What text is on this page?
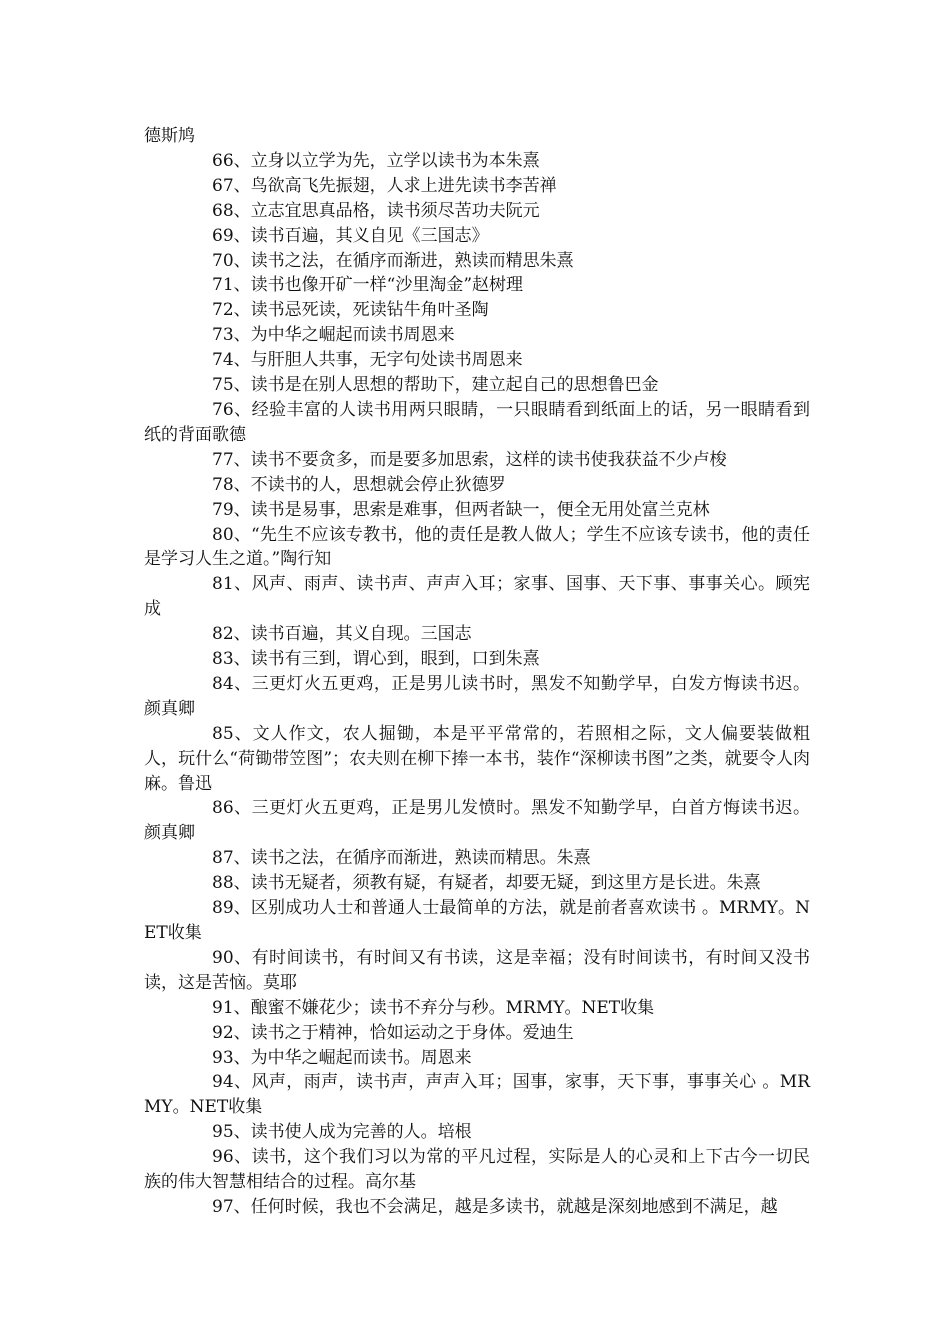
德斯鸠

66、立身以立学为先，立学以读书为本朱熹

67、鸟欲高飞先振翅，人求上进先读书李苦禅

68、立志宜思真品格，读书须尽苦功夫阮元

69、读书百遍，其义自见《三国志》

70、读书之法，在循序而渐进，熟读而精思朱熹

71、读书也像开矿一样“沙里淘金”赵树理

72、读书忌死读，死读钻牛角叶圣陶

73、为中华之崛起而读书周恩来

74、与肝胆人共事，无字句处读书周恩来

75、读书是在别人思想的帮助下，建立起自己的思想鲁巴金

76、经验丰富的人读书用两只眼睛，一只眼睛看到纸面上的话，另一眼睛看到纸的背面歌德

77、读书不要贪多，而是要多加思索，这样的读书使我获益不少卢梭

78、不读书的人，思想就会停止狄德罗

79、读书是易事，思索是难事，但两者缺一，便全无用处富兰克林

80、“先生不应该专教书，他的责任是教人做人；学生不应该专读书，他的责任是学习人生之道。”陶行知

81、风声、雨声、读书声、声声入耳；家事、国事、天下事、事事关心。顾宪成

82、读书百遍，其义自现。三国志

83、读书有三到，谓心到，眼到，口到朱熹

84、三更灯火五更鸡，正是男儿读书时，黑发不知勤学早，白发方悔读书迟。颜真卿

85、文人作文，农人掘锄，本是平平常常的，若照相之际，文人偏要装做粗人，玩什么“荷锄带笠图”；农夫则在柳下捧一本书，装作“深柳读书图”之类，就要令人肉麻。鲁迅

86、三更灯火五更鸡，正是男儿发愤时。黑发不知勤学早，白首方悔读书迟。颜真卿

87、读书之法，在循序而渐进，熟读而精思。朱熹

88、读书无疑者，须教有疑，有疑者，却要无疑，到这里方是长进。朱熹

89、区别成功人士和普通人士最简单的方法，就是前者喜欢读书 。MRMY。NET收集

90、有时间读书，有时间又有书读，这是幸福；没有时间读书，有时间又没书读，这是苦恼。莫耶

91、酿蜜不嫌花少；读书不弃分与秒。MRMY。NET收集

92、读书之于精神，恰如运动之于身体。爱迪生

93、为中华之崛起而读书。周恩来

94、风声，雨声，读书声，声声入耳；国事，家事，天下事，事事关心 。MRMY。NET收集

95、读书使人成为完善的人。培根

96、读书，这个我们习以为常的平凡过程，实际是人的心灵和上下古今一切民族的伟大智慧相结合的过程。高尔基

97、任何时候，我也不会满足，越是多读书，就越是深刻地感到不满足，越
